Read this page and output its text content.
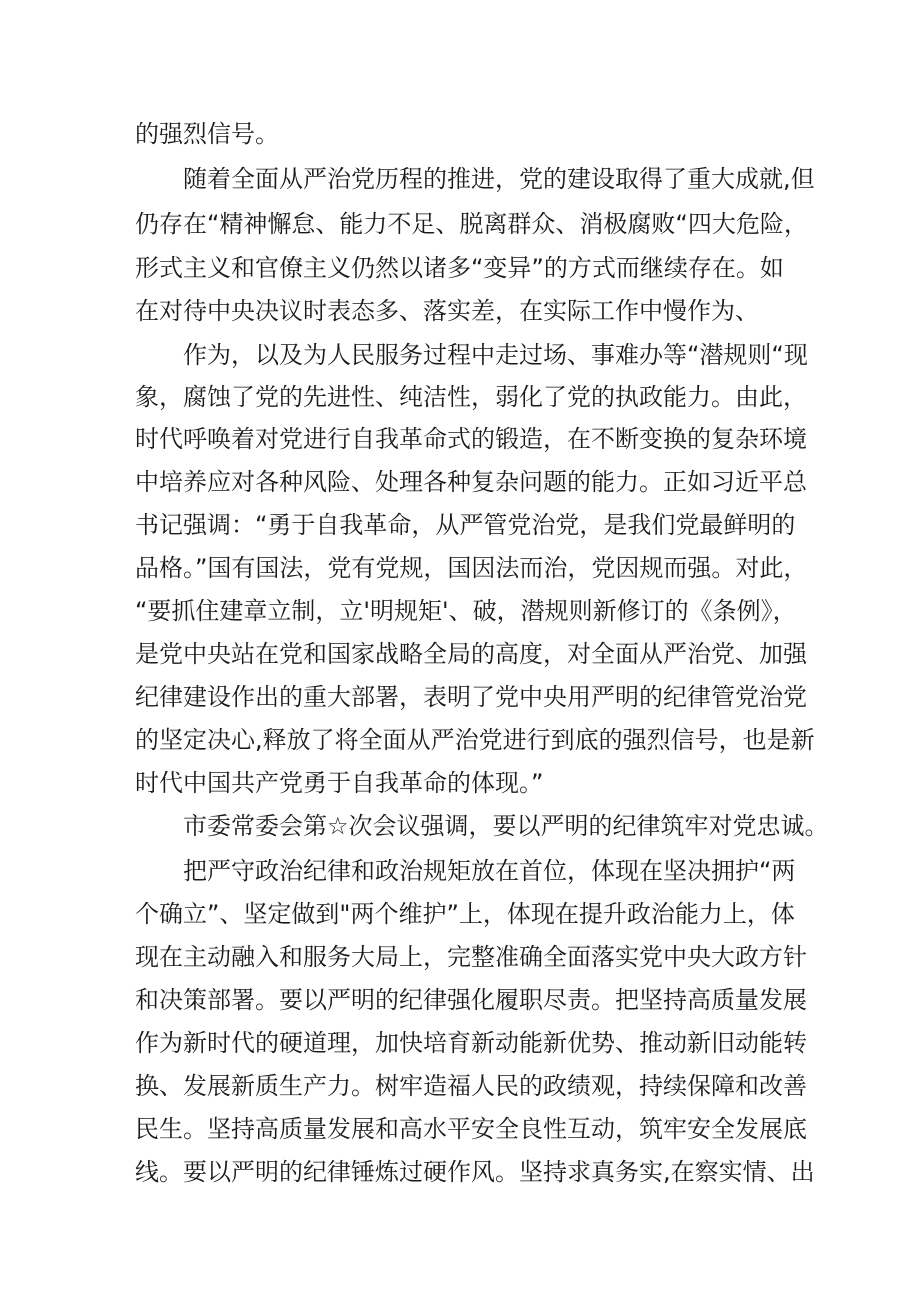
的强烈信号。
随着全面从严治党历程的推进，党的建设取得了重大成就,但
仍存在“精神懈怠、能力不足、脱离群众、消极腐败“四大危险，
形式主义和官僚主义仍然以诸多“变异”的方式而继续存在。如
在对待中央决议时表态多、落实差，在实际工作中慢作为、
作为，以及为人民服务过程中走过场、事难办等“潜规则“现
象，腐蚀了党的先进性、纯洁性，弱化了党的执政能力。由此，
时代呼唤着对党进行自我革命式的锻造，在不断变换的复杂环境
中培养应对各种风险、处理各种复杂问题的能力。正如习近平总
书记强调：“勇于自我革命，从严管党治党，是我们党最鲜明的
品格。”国有国法，党有党规，国因法而治，党因规而强。对此，
“要抓住建章立制，立'明规矩'、破，潜规则新修订的《条例》，
是党中央站在党和国家战略全局的高度，对全面从严治党、加强
纪律建设作出的重大部署，表明了党中央用严明的纪律管党治党
的坚定决心,释放了将全面从严治党进行到底的强烈信号，也是新
时代中国共产党勇于自我革命的体现。”
市委常委会第☆次会议强调，要以严明的纪律筑牢对党忠诚。
把严守政治纪律和政治规矩放在首位，体现在坚决拥护“两
个确立”、坚定做到"两个维护”上，体现在提升政治能力上，体
现在主动融入和服务大局上，完整准确全面落实党中央大政方针
和决策部署。要以严明的纪律强化履职尽责。把坚持高质量发展
作为新时代的硬道理，加快培育新动能新优势、推动新旧动能转
换、发展新质生产力。树牢造福人民的政绩观，持续保障和改善
民生。坚持高质量发展和高水平安全良性互动，筑牢安全发展底
线。要以严明的纪律锤炼过硬作风。坚持求真务实,在察实情、出
